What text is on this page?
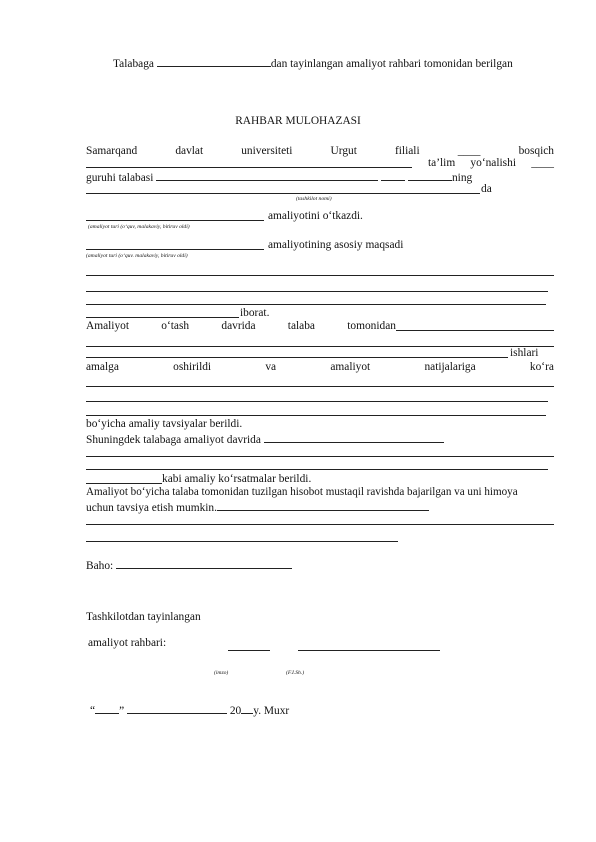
Talabaga	dan tayinlangan amaliyot rahbari tomonidan berilgan
RAHBAR MULOHAZASI
Samarqand	davlat	universiteti	Urgut	filiali	____	bosqich
ta’lim yo‘nalishi ____
guruhi talabasi	ning
da
(tashkilot nomi)
amaliyotini o‘tkazdi.
(amaliyot turi (o‘quv, malakaviy, bitiruv oldi)
amaliyotining asosiy maqsadi
(amaliyot turi (o‘quv. malakaviy, bitiruv oldi)
iborat.
Amaliyot	o‘tash	davrida	talaba	tomonidan
ishlari
amalga	oshirildi	va	amaliyot	natijalariga	ko‘ra
bo‘yicha amaliy tavsiyalar berildi.
Shuningdek talabaga amaliyot davrida
kabi amaliy ko‘rsatmalar berildi.
Amaliyot bo‘yicha talaba tomonidan tuzilgan hisobot mustaqil ravishda bajarilgan va uni himoya
uchun tavsiya etish mumkin.
Baho:
Tashkilotdan tayinlangan
amaliyot rahbari:
(imzo)	(F.I.Sh.)
“ ”	20 y. Muxr
